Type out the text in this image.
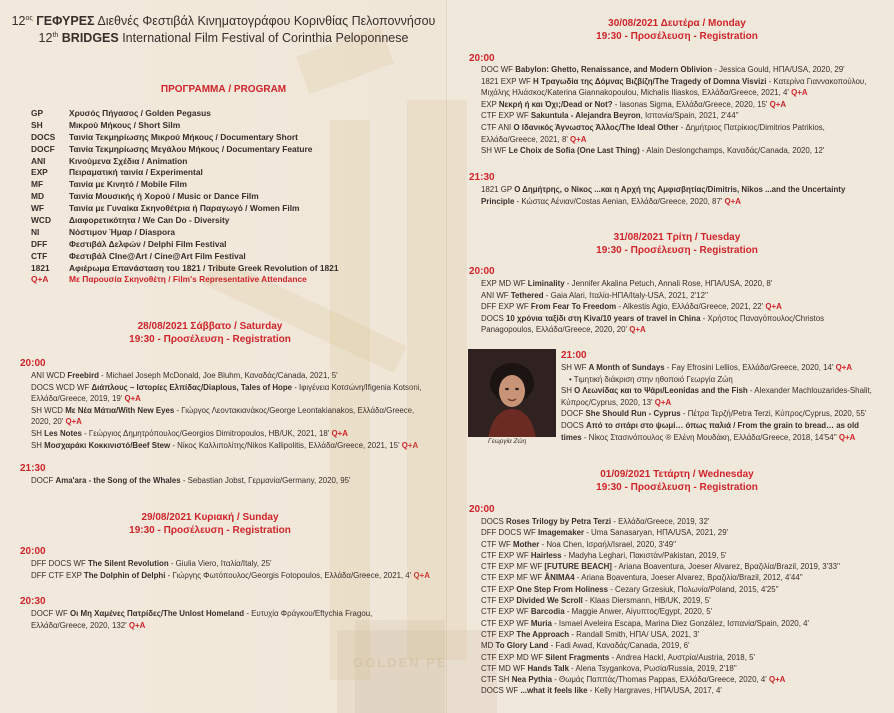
$12^{o\varsigma}$ ΓΕΦΥΡΕΣ Διεθνές Φεστιβάλ Κινηματογράφου Κορινθίας Πελοποννήσου
12th BRIDGES International Film Festival of Corinthia Peloponnese
ΠΡΟΓΡΑΜΜΑ / PROGRAM
GP	Χρυσός Πήγασος / Golden Pegasus
SH	Μικρού Μήκους / Short Silm
DOCS	Ταινία Τεκμηρίωσης Μικρού Μήκους / Documentary Short
DOCF	Ταινία Τεκμηρίωσης Μεγάλου Μήκους / Documentary Feature
ANI	Κινούμενα Σχέδια / Animation
EXP	Πειραματική ταινία / Experimental
MF	Ταινία με Κινητό / Mobile Film
MD	Ταινία Μουσικής ή Χορού / Music or Dance Film
WF	Ταινία με Γυναίκα Σκηνοθέτρια ή Παραγωγό / Women Film
WCD	Διαφορετικότητα / We Can Do - Diversity
NI	Νόστιμον Ήμαρ / Diaspora
DFF	Φεστιβάλ Δελφών / Delphi Film Festival
CTF	Φεστιβάλ CIne@Art / Cine@Art Film Festival
1821	Αφιέρωμα Επανάσταση του 1821 / Tribute Greek Revolution of 1821
Q+A	Με Παρουσία Σκηνοθέτη / Film's Representative Attendance
28/08/2021 Σάββατο / Saturday
19:30 - Προσέλευση - Registration
20:00
ANI WCD Freebird - Michael Joseph McDonald, Joe Bluhm, Καναδάς/Canada, 2021, 5'
DOCS WCD WF Διάπλους – Ιστορίες Ελπίδας/Diaplous, Tales of Hope - Ιφιγένεια Κοτσώνη/Ifigenia Kotsoni, Ελλάδα/Greece, 2019, 19' Q+A
SH WCD Με Νέα Μάτια/With New Eyes - Γιώργος Λεοντακιανάκος/George Leontakianakos, Ελλάδα/Greece, 2020, 20' Q+A
SH Les Notes - Γεώργιος Δημητρόπουλος/Georgios Dimitropoulos, HB/UK, 2021, 18' Q+A
SH Μοσχαράκι Κοκκινιστό/Beef Stew - Νίκος Καλλιπολίτης/Nikos Kallipolitis, Ελλάδα/Greece, 2021, 15' Q+A
21:30
DOCF Ama'ara - the Song of the Whales - Sebastian Jobst, Γερμανία/Germany, 2020, 95'
29/08/2021 Κυριακή / Sunday
19:30 - Προσέλευση - Registration
20:00
DFF DOCS WF The Silent Revolution - Giulia Viero, Ιταλία/Italy, 25'
DFF CTF EXP The Dolphin of Delphi - Γιώργης Φωτόπουλος/Georgis Fotopoulos, Ελλάδα/Greece, 2021, 4' Q+A
20:30
DOCF WF Οι Μη Χαμένες Πατρίδες/The Unlost Homeland - Ευτυχία Φράγκου/Eftychia Fragou, Ελλάδα/Greece, 2020, 132' Q+A
GOLDEN PE
30/08/2021 Δευτέρα / Monday
19:30 - Προσέλευση - Registration
20:00
DOC WF Babylon: Ghetto, Renaissance, and Modern Oblivion - Jessica Gould, ΗΠΑ/USA, 2020, 29'
1821 EXP WF Η Τραγωδία της Δόμνας Βιζβίζη/The Tragedy of Domna Visvizi - Κατερίνα Γιαννακοπούλου, Μιχάλης Ηλιάσκος/Katerina Giannakopoulou, Michalis Iliaskos, Ελλάδα/Greece, 2021, 4' Q+A
EXP Νεκρή ή και Όχι;/Dead or Not? - Iasonas Sigma, Ελλάδα/Greece, 2020, 15' Q+A
CTF EXP WF Sakuntula - Alejandra Beyron, Ισπανία/Spain, 2021, 2'44''
CTF ANI Ο Ιδανικός Άγνωστος Άλλος/The Ideal Other - Δημήτριος Πατρίκιος/Dimitrios Patrikios, Ελλάδα/Greece, 2021, 8' Q+A
SH WF Le Choix de Sofia (One Last Thing) - Alain Deslongchamps, Καναδάς/Canada, 2020, 12'
21:30
1821 GP Ο Δημήτρης, ο Νίκος ...και η Αρχή της Αμφισβητίας/Dimitris, Nikos ...and the Uncertainty Principle - Κώστας Αένιαν/Costas Aenian, Ελλάδα/Greece, 2020, 87' Q+A
31/08/2021 Τρίτη / Tuesday
19:30 - Προσέλευση - Registration
20:00
EXP MD WF Liminality - Jennifer Akalina Petuch, Annali Rose, ΗΠΑ/USA, 2020, 8'
ANI WF Tethered - Gaia Alari, Ιταλία-ΗΠΑ/Italy-USA, 2021, 2'12''
DFF EXP WF From Fear To Freedom - Alkestis Agio, Ελλάδα/Greece, 2021, 22' Q+A
DOCS 10 χρόνια ταξίδι στη Kiva/10 years of travel in China - Χρήστος Παναγόπουλος/Christos Panagopoulos, Ελλάδα/Greece, 2020, 20' Q+A
Γεωργία Ζώη
21:00
SH WF A Month of Sundays - Fay Efrosini Lellios, Ελλάδα/Greece, 2020, 14' Q+A
• Τιμητική διάκριση στην ηθοποιό Γεωργία Ζώη
SH Ο Λεωνίδας και το Ψάρι/Leonidas and the Fish - Alexander Machlouzarides-Shalit, Κύπρος/Cyprus, 2020, 13' Q+A
DOCF She Should Run - Cyprus - Πέτρα Τερζή/Petra Terzi, Κύπρος/Cyprus, 2020, 55'
DOCS Από το σιτάρι στο ψωμί… όπως παλιά / From the grain to bread… as old times - Νίκος Στασινόπουλος ® Ελένη Μουδάκη, Ελλάδα/Greece, 2018, 14'54'' Q+A
01/09/2021 Τετάρτη / Wednesday
19:30 - Προσέλευση - Registration
20:00
DOCS Roses Trilogy by Petra Terzi - Ελλάδα/Greece, 2019, 32'
DFF DOCS WF Imagemaker - Uma Sanasaryan, ΗΠΑ/USA, 2021, 29'
CTF WF Mother - Noa Chen, Ισραήλ/Israel, 2020, 3'49''
CTF EXP WF Hairless - Madyha Leghari, Πακιστάν/Pakistan, 2019, 5'
CTF EXP MF WF [FUTURE BEACH] - Ariana Boaventura, Joeser Alvarez, Βραζιλία/Brazil, 2019, 3'33''
CTF EXP MF WF ÂNIMA4 - Ariana Boaventura, Joeser Alvarez, Βραζιλία/Brazil, 2012, 4'44''
CTF EXP One Step From Holiness - Cezary Grzesiuk, Πολωνία/Poland, 2015, 4'25''
CTF EXP Divided We Scroll - Klaas Diersmann, HB/UK, 2019, 5'
CTF EXP WF Barcodia - Maggie Anwer, Αίγυπτος/Egypt, 2020, 5'
CTF EXP WF Muria - Ismael Aveleira Escapa, Marina Diez González, Ισπανία/Spain, 2020, 4'
CTF EXP The Approach - Randall Smith, ΗΠΑ/ USA, 2021, 3'
MD To Glory Land - Fadi Awad, Καναδάς/Canada, 2019, 6'
CTF EXP MD WF Silent Fragments - Andrea Hackl, Αυστρία/Austria, 2018, 5'
CTF MD WF Hands Talk - Alena Tsygankova, Ρωσία/Russia, 2019, 2'18''
CTF SH Nea Pythia - Θωμάς Παππάς/Thomas Pappas, Ελλάδα/Greece, 2020, 4' Q+A
DOCS WF ...what it feels like - Kelly Hargraves, ΗΠΑ/USA, 2017, 4'
